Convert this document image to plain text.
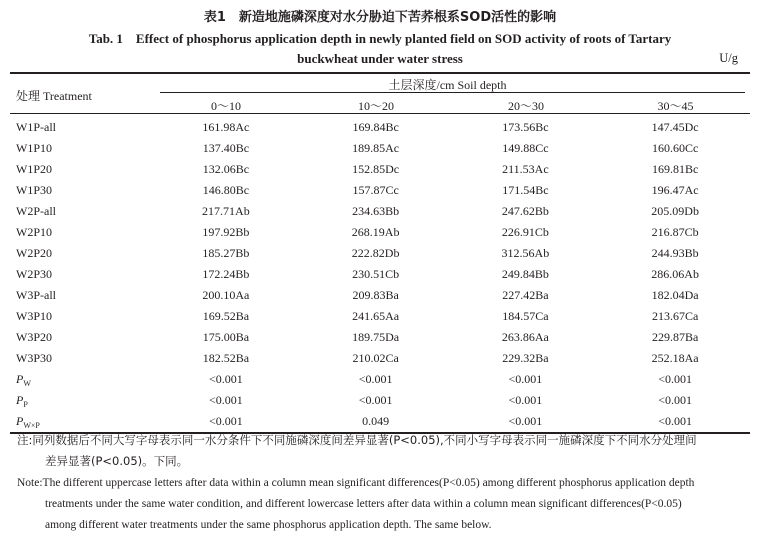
表1　新造地施磷深度对水分胁迫下苦荞根系SOD活性的影响
Tab. 1　Effect of phosphorus application depth in newly planted field on SOD activity of roots of Tartary
buckwheat under water stress	U/g
处理 Treatment
土层深度/cm Soil depth
0～10	10～20	20～30	30～45
W1P-all	161.98Ac	169.84Bc	173.56Bc	147.45Dc
W1P10	137.40Bc	189.85Ac	149.88Cc	160.60Cc
W1P20	132.06Bc	152.85Dc	211.53Ac	169.81Bc
W1P30	146.80Bc	157.87Cc	171.54Bc	196.47Ac
W2P-all	217.71Ab	234.63Bb	247.62Bb	205.09Db
W2P10	197.92Bb	268.19Ab	226.91Cb	216.87Cb
W2P20	185.27Bb	222.82Db	312.56Ab	244.93Bb
W2P30	172.24Bb	230.51Cb	249.84Bb	286.06Ab
W3P-all	200.10Aa	209.83Ba	227.42Ba	182.04Da
W3P10	169.52Ba	241.65Aa	184.57Ca	213.67Ca
W3P20	175.00Ba	189.75Da	263.86Aa	229.87Ba
W3P30	182.52Ba	210.02Ca	229.32Ba	252.18Aa
$P_W$	<0.001	<0.001	<0.001	<0.001
$P_P$	<0.001	<0.001	<0.001	<0.001
$P_{W\times P}$	<0.001	0.049	<0.001	<0.001
注:同列数据后不同大写字母表示同一水分条件下不同施磷深度间差异显著(P<0.05),不同小写字母表示同一施磷深度下不同水分处理间
差异显著(P<0.05)。下同。
Note:The different uppercase letters after data within a column mean significant differences(P<0.05) among different phosphorus application depth
treatments under the same water condition, and different lowercase letters after data within a column mean significant differences(P<0.05)
among different water treatments under the same phosphorus application depth. The same below.
